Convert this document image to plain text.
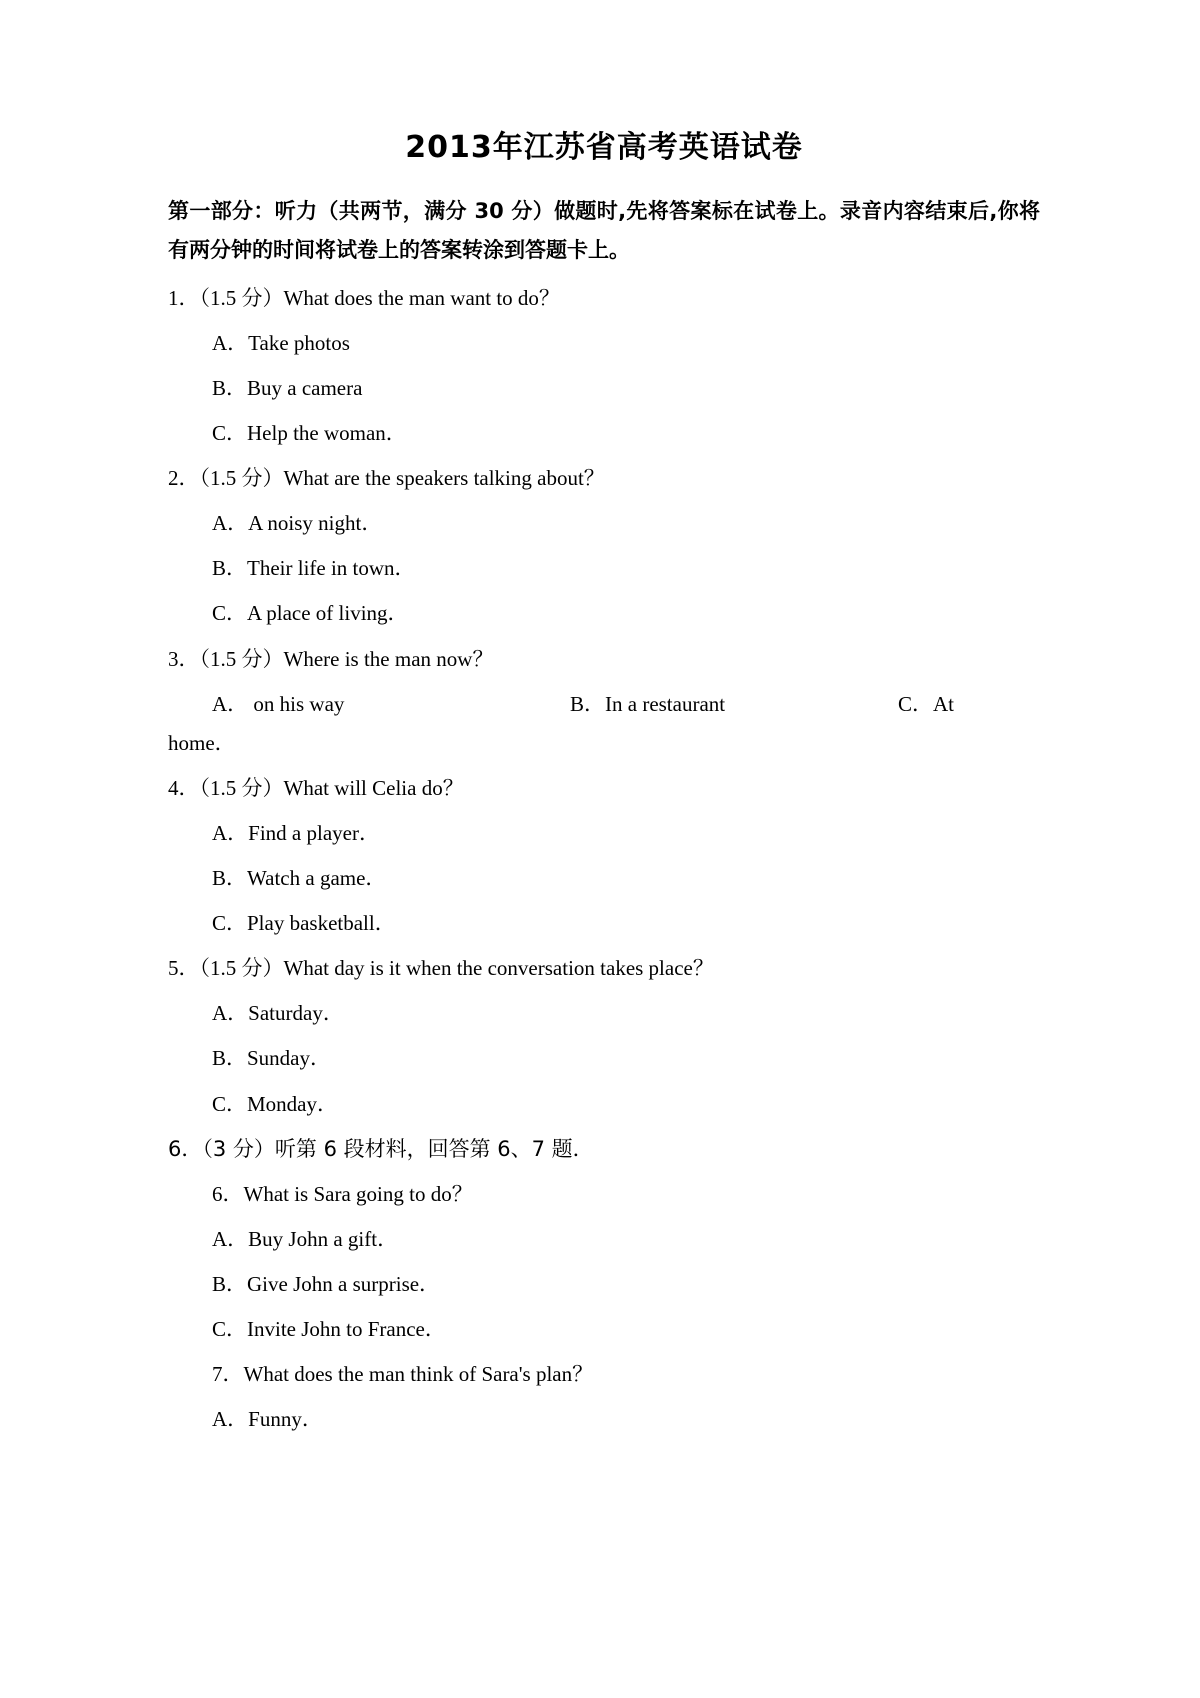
2013年江苏省高考英语试卷

第一部分：听力（共两节，满分 30 分）做题时,先将答案标在试卷上。录音内容结束后,你将有两分钟的时间将试卷上的答案转涂到答题卡上。

1．（1.5 分）What does the man want to do？

A．Take photos

B．Buy a camera

C．Help the woman．

2．（1.5 分）What are the speakers talking about？

A．A noisy night．

B．Their life in town．

C．A place of living．

3．（1.5 分）Where is the man now？

A． on his way	B．In a restaurant	C．At

home．

4．（1.5 分）What will Celia do？

A．Find a player．

B．Watch a game．

C．Play basketball．

5．（1.5 分）What day is it when the conversation takes place？

A．Saturday．

B．Sunday．

C．Monday．

6．（3 分）听第 6 段材料，回答第 6、7 题．

6．What is Sara going to do？

A．Buy John a gift．

B．Give John a surprise．

C．Invite John to France．

7．What does the man think of Sara's plan？

A．Funny．
